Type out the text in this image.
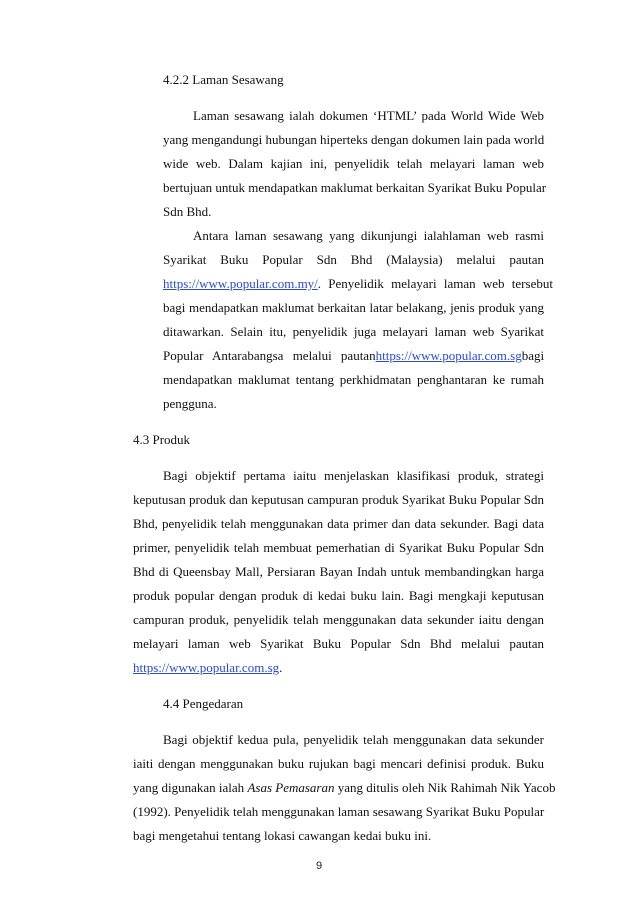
4.2.2 Laman Sesawang
Laman sesawang ialah dokumen ‘HTML’ pada World Wide Web
yang mengandungi hubungan hiperteks dengan dokumen lain pada world
wide web. Dalam kajian ini, penyelidik telah melayari laman web
bertujuan untuk mendapatkan maklumat berkaitan Syarikat Buku Popular
Sdn Bhd.
Antara laman sesawang yang dikunjungi ialahlaman web rasmi
Syarikat Buku Popular Sdn Bhd (Malaysia) melalui pautan
https://www.popular.com.my/. Penyelidik melayari laman web tersebut
bagi mendapatkan maklumat berkaitan latar belakang, jenis produk yang
ditawarkan. Selain itu, penyelidik juga melayari laman web Syarikat
Popular Antarabangsa melalui pautan https://www.popular.com.sg bagi
mendapatkan maklumat tentang perkhidmatan penghantaran ke rumah
pengguna.
4.3 Produk
Bagi objektif pertama iaitu menjelaskan klasifikasi produk, strategi
keputusan produk dan keputusan campuran produk Syarikat Buku Popular Sdn
Bhd, penyelidik telah menggunakan data primer dan data sekunder. Bagi data
primer, penyelidik telah membuat pemerhatian di Syarikat Buku Popular Sdn
Bhd di Queensbay Mall, Persiaran Bayan Indah untuk membandingkan harga
produk popular dengan produk di kedai buku lain. Bagi mengkaji keputusan
campuran produk, penyelidik telah menggunakan data sekunder iaitu dengan
melayari laman web Syarikat Buku Popular Sdn Bhd melalui pautan
https://www.popular.com.sg.
4.4 Pengedaran
Bagi objektif kedua pula, penyelidik telah menggunakan data sekunder
iaiti dengan menggunakan buku rujukan bagi mencari definisi produk. Buku
yang digunakan ialah Asas Pemasaran yang ditulis oleh Nik Rahimah Nik Yacob
(1992). Penyelidik telah menggunakan laman sesawang Syarikat Buku Popular
bagi mengetahui tentang lokasi cawangan kedai buku ini.
9
